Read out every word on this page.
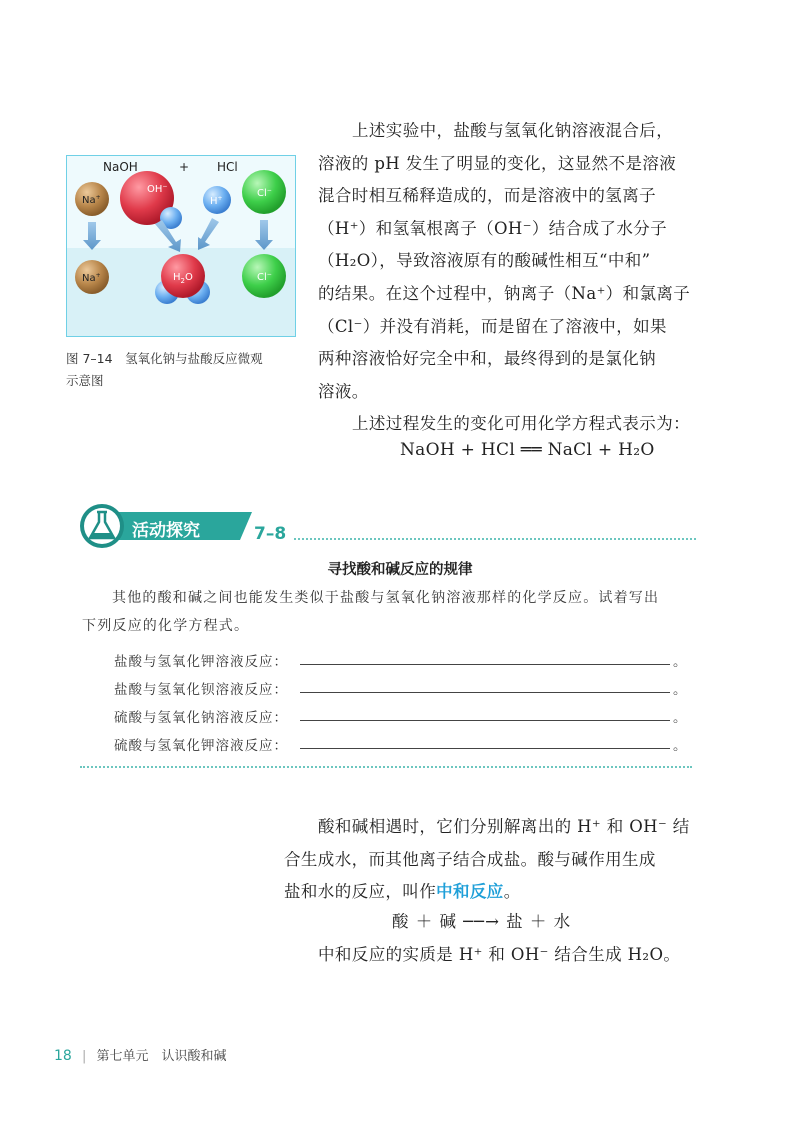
NaOH	+ HCl
Na+
OH−
H+	Cl−
Na+	$H_2O$	Cl−
图 7–14　氢氧化钠与盐酸反应微观
示意图
上述实验中，盐酸与氢氧化钠溶液混合后，
溶液的 pH 发生了明显的变化，这显然不是溶液
混合时相互稀释造成的，而是溶液中的氢离子
（H⁺）和氢氧根离子（OH⁻）结合成了水分子
（H₂O），导致溶液原有的酸碱性相互“中和”
的结果。在这个过程中，钠离子（Na⁺）和氯离子
（Cl⁻）并没有消耗，而是留在了溶液中，如果
两种溶液恰好完全中和，最终得到的是氯化钠
溶液。
上述过程发生的变化可用化学方程式表示为：
NaOH + HCl ══ NaCl + H₂O
活动探究	7–8
寻找酸和碱反应的规律
其他的酸和碱之间也能发生类似于盐酸与氢氧化钠溶液那样的化学反应。试着写出
下列反应的化学方程式。
盐酸与氢氧化钾溶液反应：	。
盐酸与氢氧化钡溶液反应：	。
硫酸与氢氧化钠溶液反应：	。
硫酸与氢氧化钾溶液反应：	。
酸和碱相遇时，它们分别解离出的 H⁺ 和 OH⁻ 结
合生成水，而其他离子结合成盐。酸与碱作用生成
盐和水的反应，叫作中和反应。
酸 ＋ 碱 ──→ 盐 ＋ 水
中和反应的实质是 H⁺ 和 OH⁻ 结合生成 H₂O。
18 | 第七单元　认识酸和碱
